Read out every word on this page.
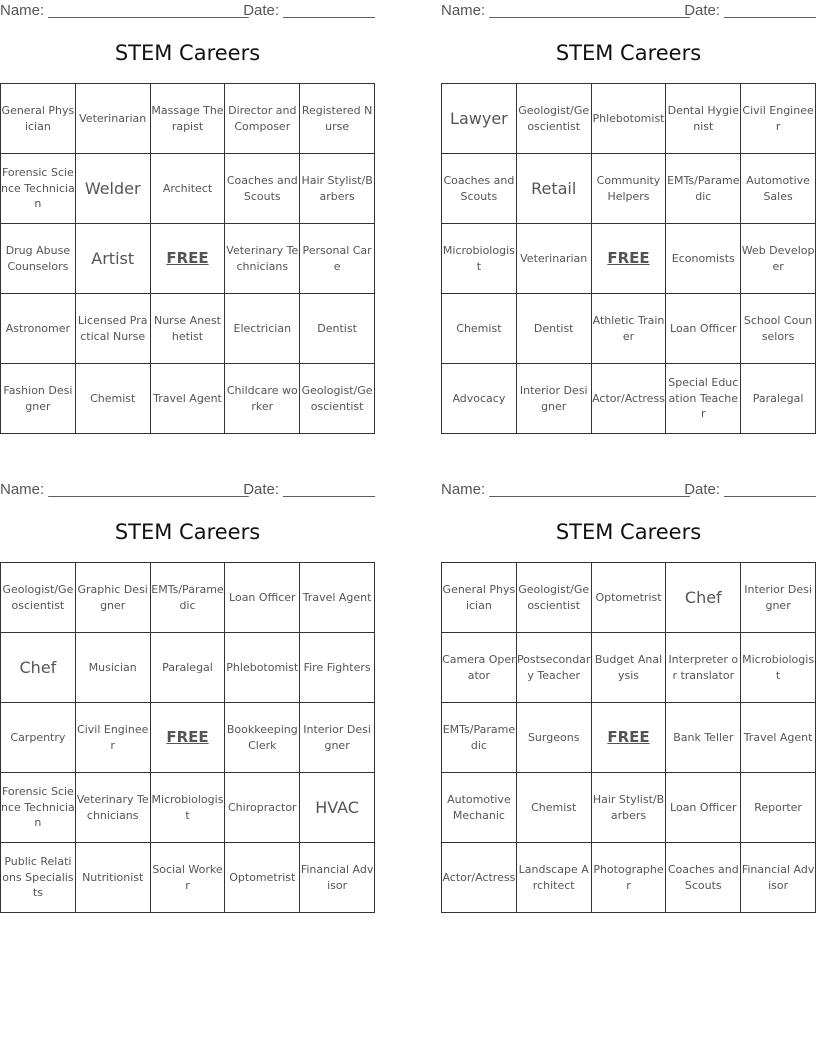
Name: ________________________
Date: ___________
STEM Careers
General Physician	Veterinarian	Massage Therapist	Director and Composer	Registered Nurse
Forensic Science Technician	Welder	Architect	Coaches and Scouts	Hair Stylist/Barbers
Drug Abuse Counselors	Artist	FREE	Veterinary Technicians	Personal Care
Astronomer	Licensed Practical Nurse	Nurse Anesthetist	Electrician	Dentist
Fashion Designer	Chemist	Travel Agent	Childcare worker	Geologist/Geoscientist
Name: ________________________
Date: ___________
STEM Careers
Lawyer	Geologist/Geoscientist	Phlebotomist	Dental Hygienist	Civil Engineer
Coaches and Scouts	Retail	Community Helpers	EMTs/Paramedic	Automotive Sales
Microbiologist	Veterinarian	FREE	Economists	Web Developer
Chemist	Dentist	Athletic Trainer	Loan Officer	School Counselors
Advocacy	Interior Designer	Actor/Actress	Special Education Teacher	Paralegal
Name: ________________________
Date: ___________
STEM Careers
Geologist/Geoscientist	Graphic Designer	EMTs/Paramedic	Loan Officer	Travel Agent
Chef	Musician	Paralegal	Phlebotomist	Fire Fighters
Carpentry	Civil Engineer	FREE	Bookkeeping Clerk	Interior Designer
Forensic Science Technician	Veterinary Technicians	Microbiologist	Chiropractor	HVAC
Public Relations Specialists	Nutritionist	Social Worker	Optometrist	Financial Advisor
Name: ________________________
Date: ___________
STEM Careers
General Physician	Geologist/Geoscientist	Optometrist	Chef	Interior Designer
Camera Operator	Postsecondary Teacher	Budget Analysis	Interpreter or translator	Microbiologist
EMTs/Paramedic	Surgeons	FREE	Bank Teller	Travel Agent
Automotive Mechanic	Chemist	Hair Stylist/Barbers	Loan Officer	Reporter
Actor/Actress	Landscape Architect	Photographer	Coaches and Scouts	Financial Advisor
